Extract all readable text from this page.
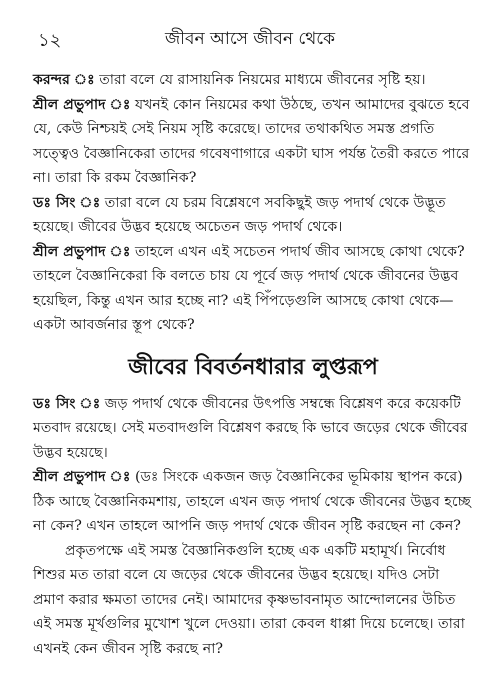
১২	জীবন আসে জীবন থেকে

করন্দর ঃ তারা বলে যে রাসায়নিক নিয়মের মাধ্যমে জীবনের সৃষ্টি হয়।

শ্রীল প্রভুপাদ ঃ যখনই কোন নিয়মের কথা উঠছে, তখন আমাদের বুঝতে হবে যে, কেউ নিশ্চয়ই সেই নিয়ম সৃষ্টি করেছে। তাদের তথাকথিত সমস্ত প্রগতি সত্ত্বেও বৈজ্ঞানিকেরা তাদের গবেষণাগারে একটা ঘাস পর্যন্ত তৈরী করতে পারে না। তারা কি রকম বৈজ্ঞানিক?

ডঃ সিং ঃ তারা বলে যে চরম বিশ্লেষণে সবকিছুই জড় পদার্থ থেকে উদ্ভূত হয়েছে। জীবের উদ্ভব হয়েছে অচেতন জড় পদার্থ থেকে।

শ্রীল প্রভুপাদ ঃ তাহলে এখন এই সচেতন পদার্থ জীব আসছে কোথা থেকে? তাহলে বৈজ্ঞানিকেরা কি বলতে চায় যে পূর্বে জড় পদার্থ থেকে জীবনের উদ্ভব হয়েছিল, কিন্তু এখন আর হচ্ছে না? এই পিঁপড়েগুলি আসছে কোথা থেকে—একটা আবর্জনার স্তূপ থেকে?

জীবের বিবর্তনধারার লুপ্তরূপ

ডঃ সিং ঃ জড় পদার্থ থেকে জীবনের উৎপত্তি সম্বন্ধে বিশ্লেষণ করে কয়েকটি মতবাদ রয়েছে। সেই মতবাদগুলি বিশ্লেষণ করছে কি ভাবে জড়ের থেকে জীবের উদ্ভব হয়েছে।

শ্রীল প্রভুপাদ ঃ (ডঃ সিংকে একজন জড় বৈজ্ঞানিকের ভূমিকায় স্থাপন করে) ঠিক আছে বৈজ্ঞানিকমশায়, তাহলে এখন জড় পদার্থ থেকে জীবনের উদ্ভব হচ্ছে না কেন? এখন তাহলে আপনি জড় পদার্থ থেকে জীবন সৃষ্টি করছেন না কেন?

প্রকৃতপক্ষে এই সমস্ত বৈজ্ঞানিকগুলি হচ্ছে এক একটি মহামূর্খ। নির্বোধ শিশুর মত তারা বলে যে জড়ের থেকে জীবনের উদ্ভব হয়েছে। যদিও সেটা প্রমাণ করার ক্ষমতা তাদের নেই। আমাদের কৃষ্ণভাবনামৃত আন্দোলনের উচিত এই সমস্ত মূর্খগুলির মুখোশ খুলে দেওয়া। তারা কেবল ধাপ্পা দিয়ে চলেছে। তারা এখনই কেন জীবন সৃষ্টি করছে না?
